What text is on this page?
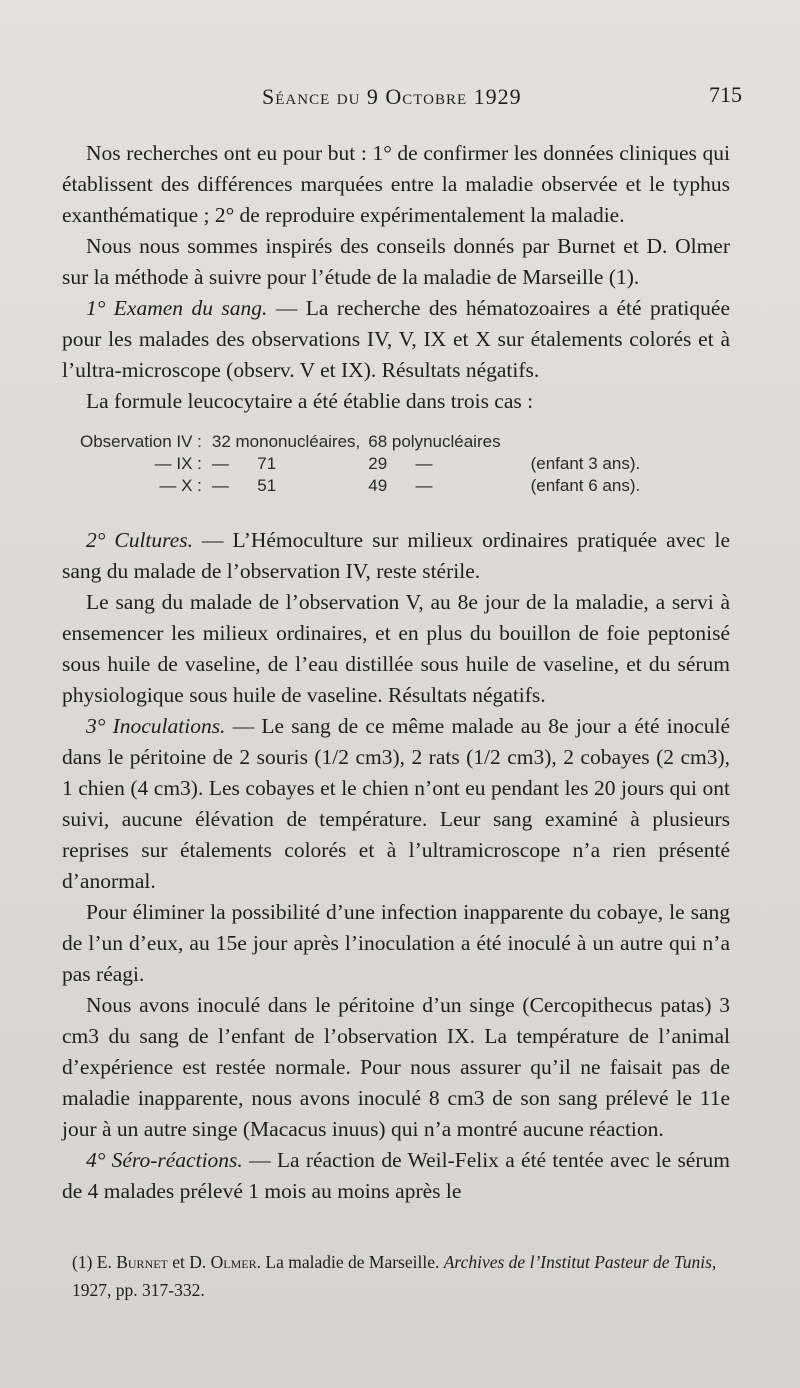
Séance du 9 Octobre 1929	715

Nos recherches ont eu pour but : 1° de confirmer les données cliniques qui établissent des différences marquées entre la maladie observée et le typhus exanthématique ; 2° de reproduire expérimentalement la maladie.

Nous nous sommes inspirés des conseils donnés par Burnet et D. Olmer sur la méthode à suivre pour l’étude de la maladie de Marseille (1).

1° Examen du sang. — La recherche des hématozoaires a été pratiquée pour les malades des observations IV, V, IX et X sur étalements colorés et à l’ultra-microscope (observ. V et IX). Résultats négatifs.

La formule leucocytaire a été établie dans trois cas :

Observation IV :	32 mononucléaires,	68 polynucléaires	
— IX :	— 71	29 —	(enfant 3 ans).
— X :	— 51	49 —	(enfant 6 ans).

2° Cultures. — L’Hémoculture sur milieux ordinaires pratiquée avec le sang du malade de l’observation IV, reste stérile.

Le sang du malade de l’observation V, au 8e jour de la maladie, a servi à ensemencer les milieux ordinaires, et en plus du bouillon de foie peptonisé sous huile de vaseline, de l’eau distillée sous huile de vaseline, et du sérum physiologique sous huile de vaseline. Résultats négatifs.

3° Inoculations. — Le sang de ce même malade au 8e jour a été inoculé dans le péritoine de 2 souris (1/2 cm3), 2 rats (1/2 cm3), 2 cobayes (2 cm3), 1 chien (4 cm3). Les cobayes et le chien n’ont eu pendant les 20 jours qui ont suivi, aucune élévation de température. Leur sang examiné à plusieurs reprises sur étalements colorés et à l’ultramicroscope n’a rien présenté d’anormal.

Pour éliminer la possibilité d’une infection inapparente du cobaye, le sang de l’un d’eux, au 15e jour après l’inoculation a été inoculé à un autre qui n’a pas réagi.

Nous avons inoculé dans le péritoine d’un singe (Cercopithecus patas) 3 cm3 du sang de l’enfant de l’observation IX. La température de l’animal d’expérience est restée normale. Pour nous assurer qu’il ne faisait pas de maladie inapparente, nous avons inoculé 8 cm3 de son sang prélevé le 11e jour à un autre singe (Macacus inuus) qui n’a montré aucune réaction.

4° Séro-réactions. — La réaction de Weil-Felix a été tentée avec le sérum de 4 malades prélevé 1 mois au moins après le

(1) E. Burnet et D. Olmer. La maladie de Marseille. Archives de l’Institut Pasteur de Tunis, 1927, pp. 317-332.
